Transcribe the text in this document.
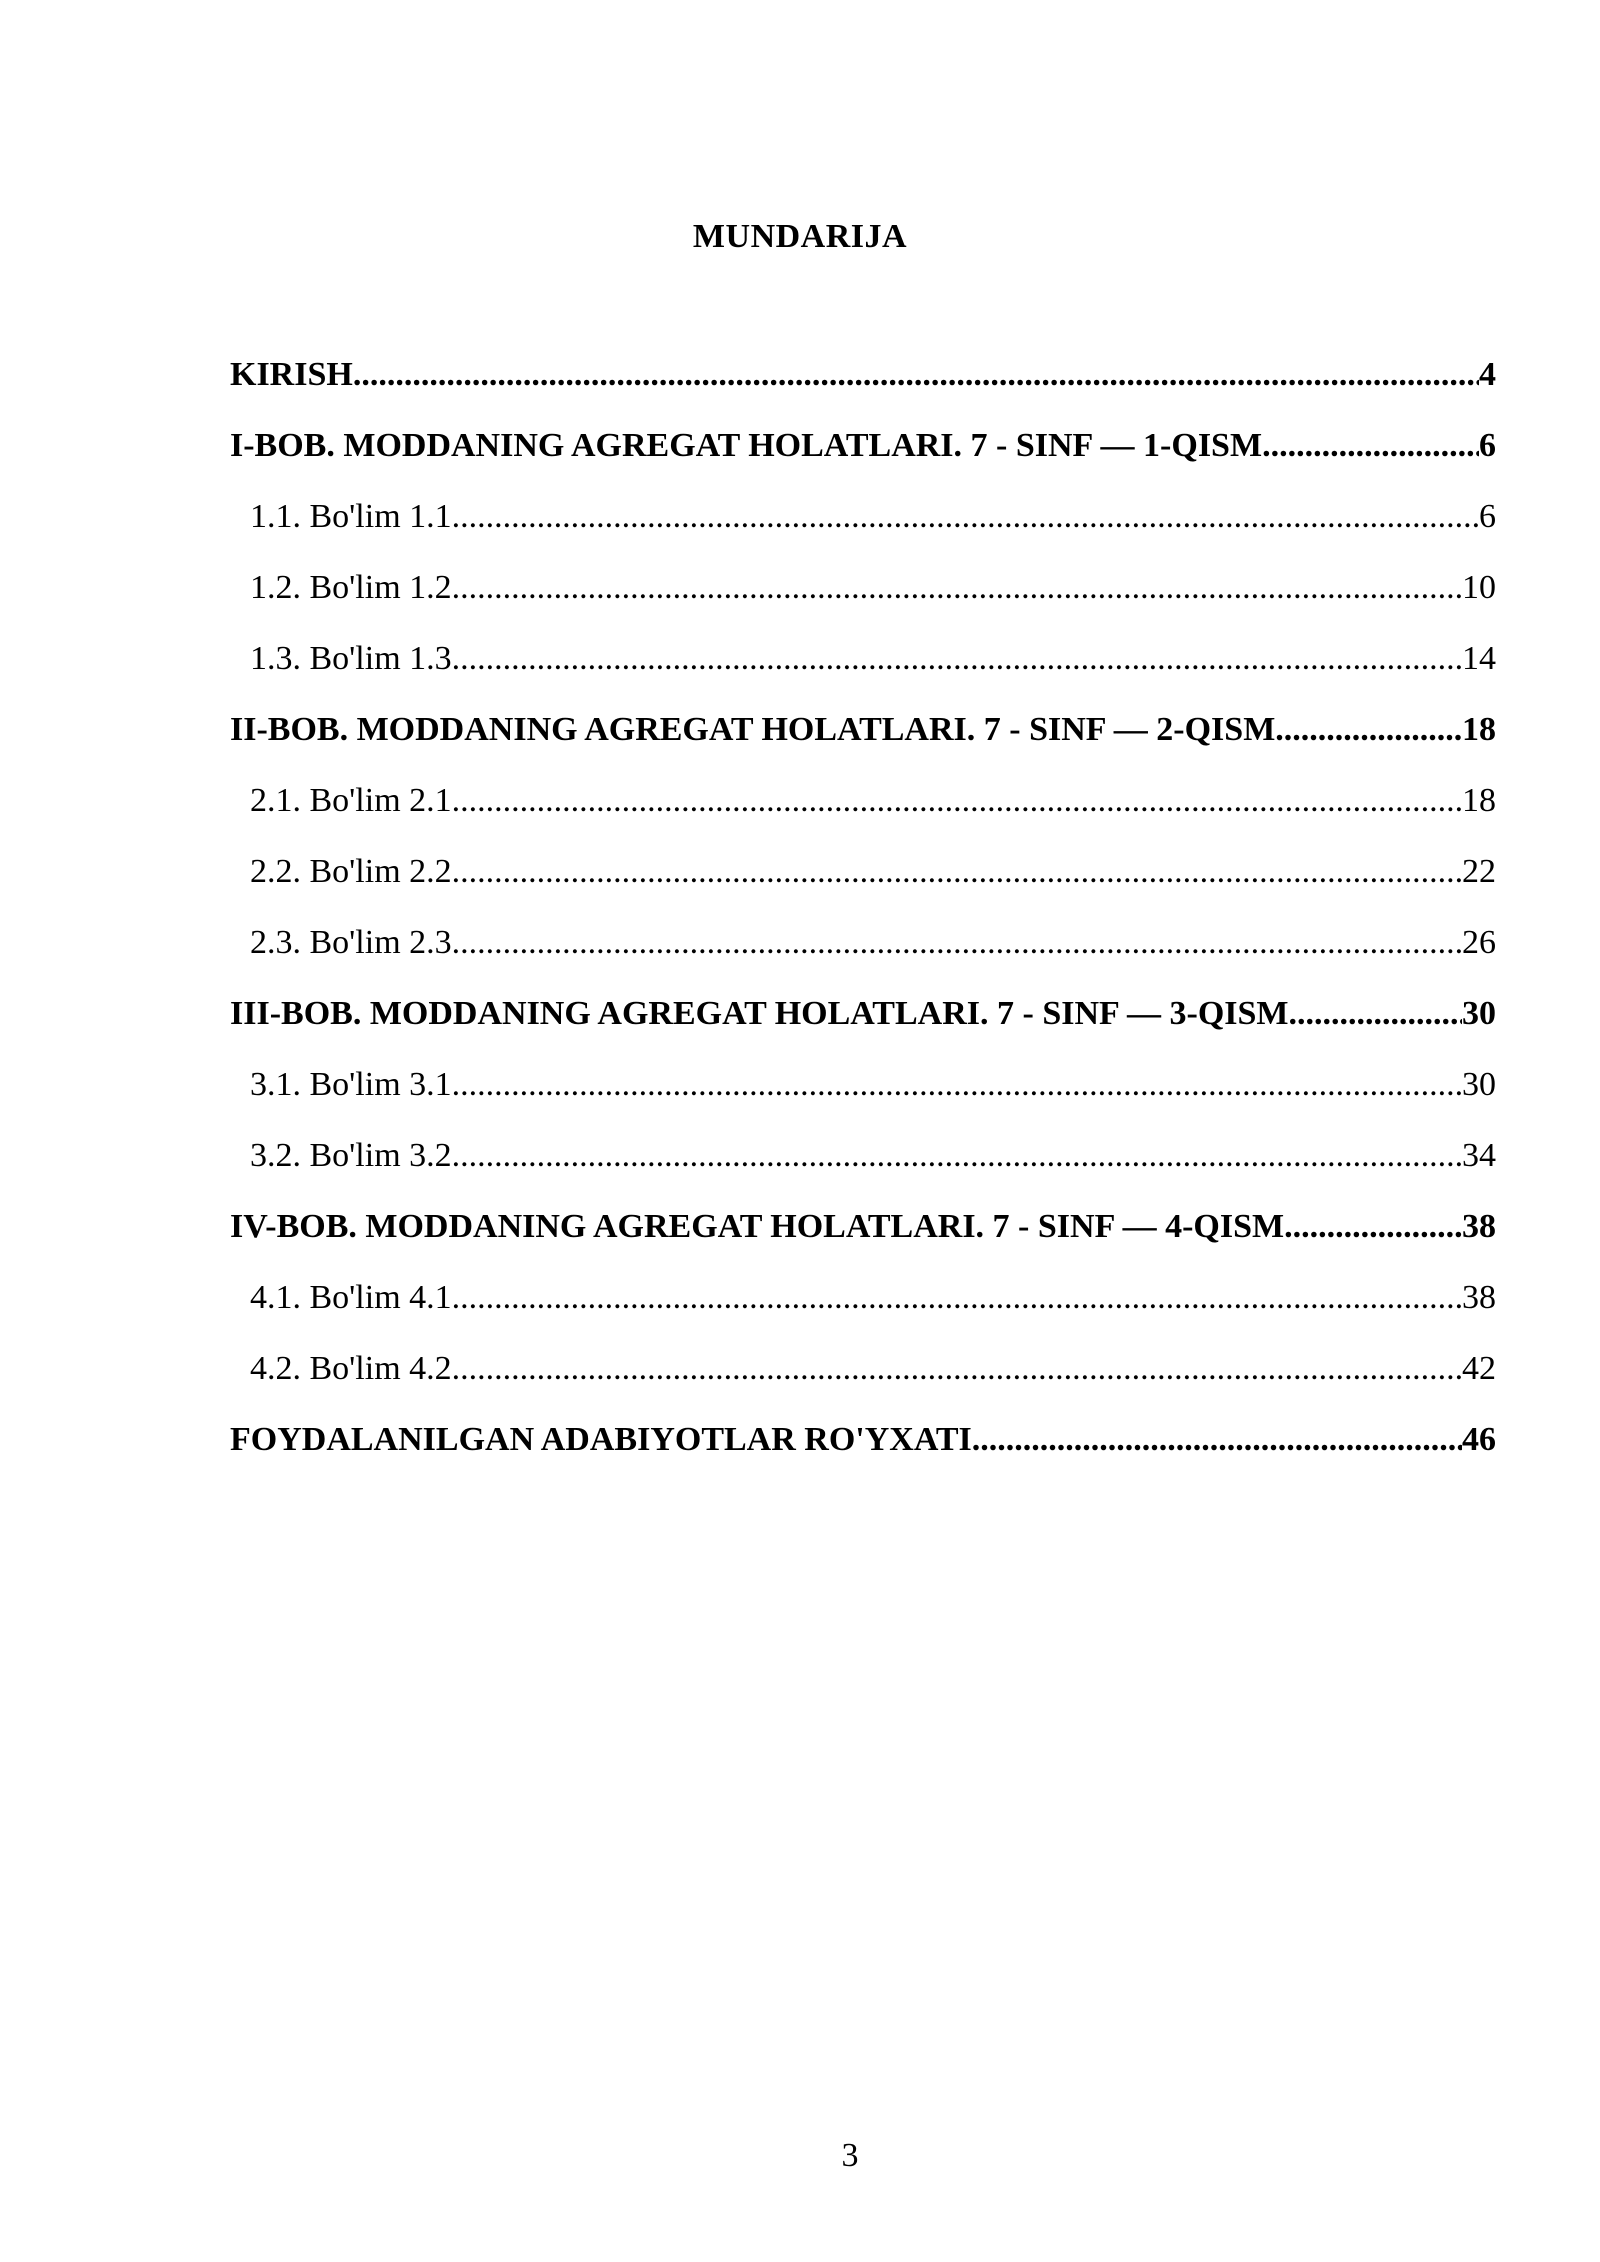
MUNDARIJA
KIRISH .....	4
I-BOB. MODDANING AGREGAT HOLATLARI. 7 - SINF — 1-QISM .....	6
1.1. Bo'lim 1.1 .....	6
1.2. Bo'lim 1.2 .....	10
1.3. Bo'lim 1.3 .....	14
II-BOB. MODDANING AGREGAT HOLATLARI. 7 - SINF — 2-QISM .....	18
2.1. Bo'lim 2.1 .....	18
2.2. Bo'lim 2.2 .....	22
2.3. Bo'lim 2.3 .....	26
III-BOB. MODDANING AGREGAT HOLATLARI. 7 - SINF — 3-QISM .....	30
3.1. Bo'lim 3.1 .....	30
3.2. Bo'lim 3.2 .....	34
IV-BOB. MODDANING AGREGAT HOLATLARI. 7 - SINF — 4-QISM .....	38
4.1. Bo'lim 4.1 .....	38
4.2. Bo'lim 4.2 .....	42
FOYDALANILGAN ADABIYOTLAR RO'YXATI .....	46
3
